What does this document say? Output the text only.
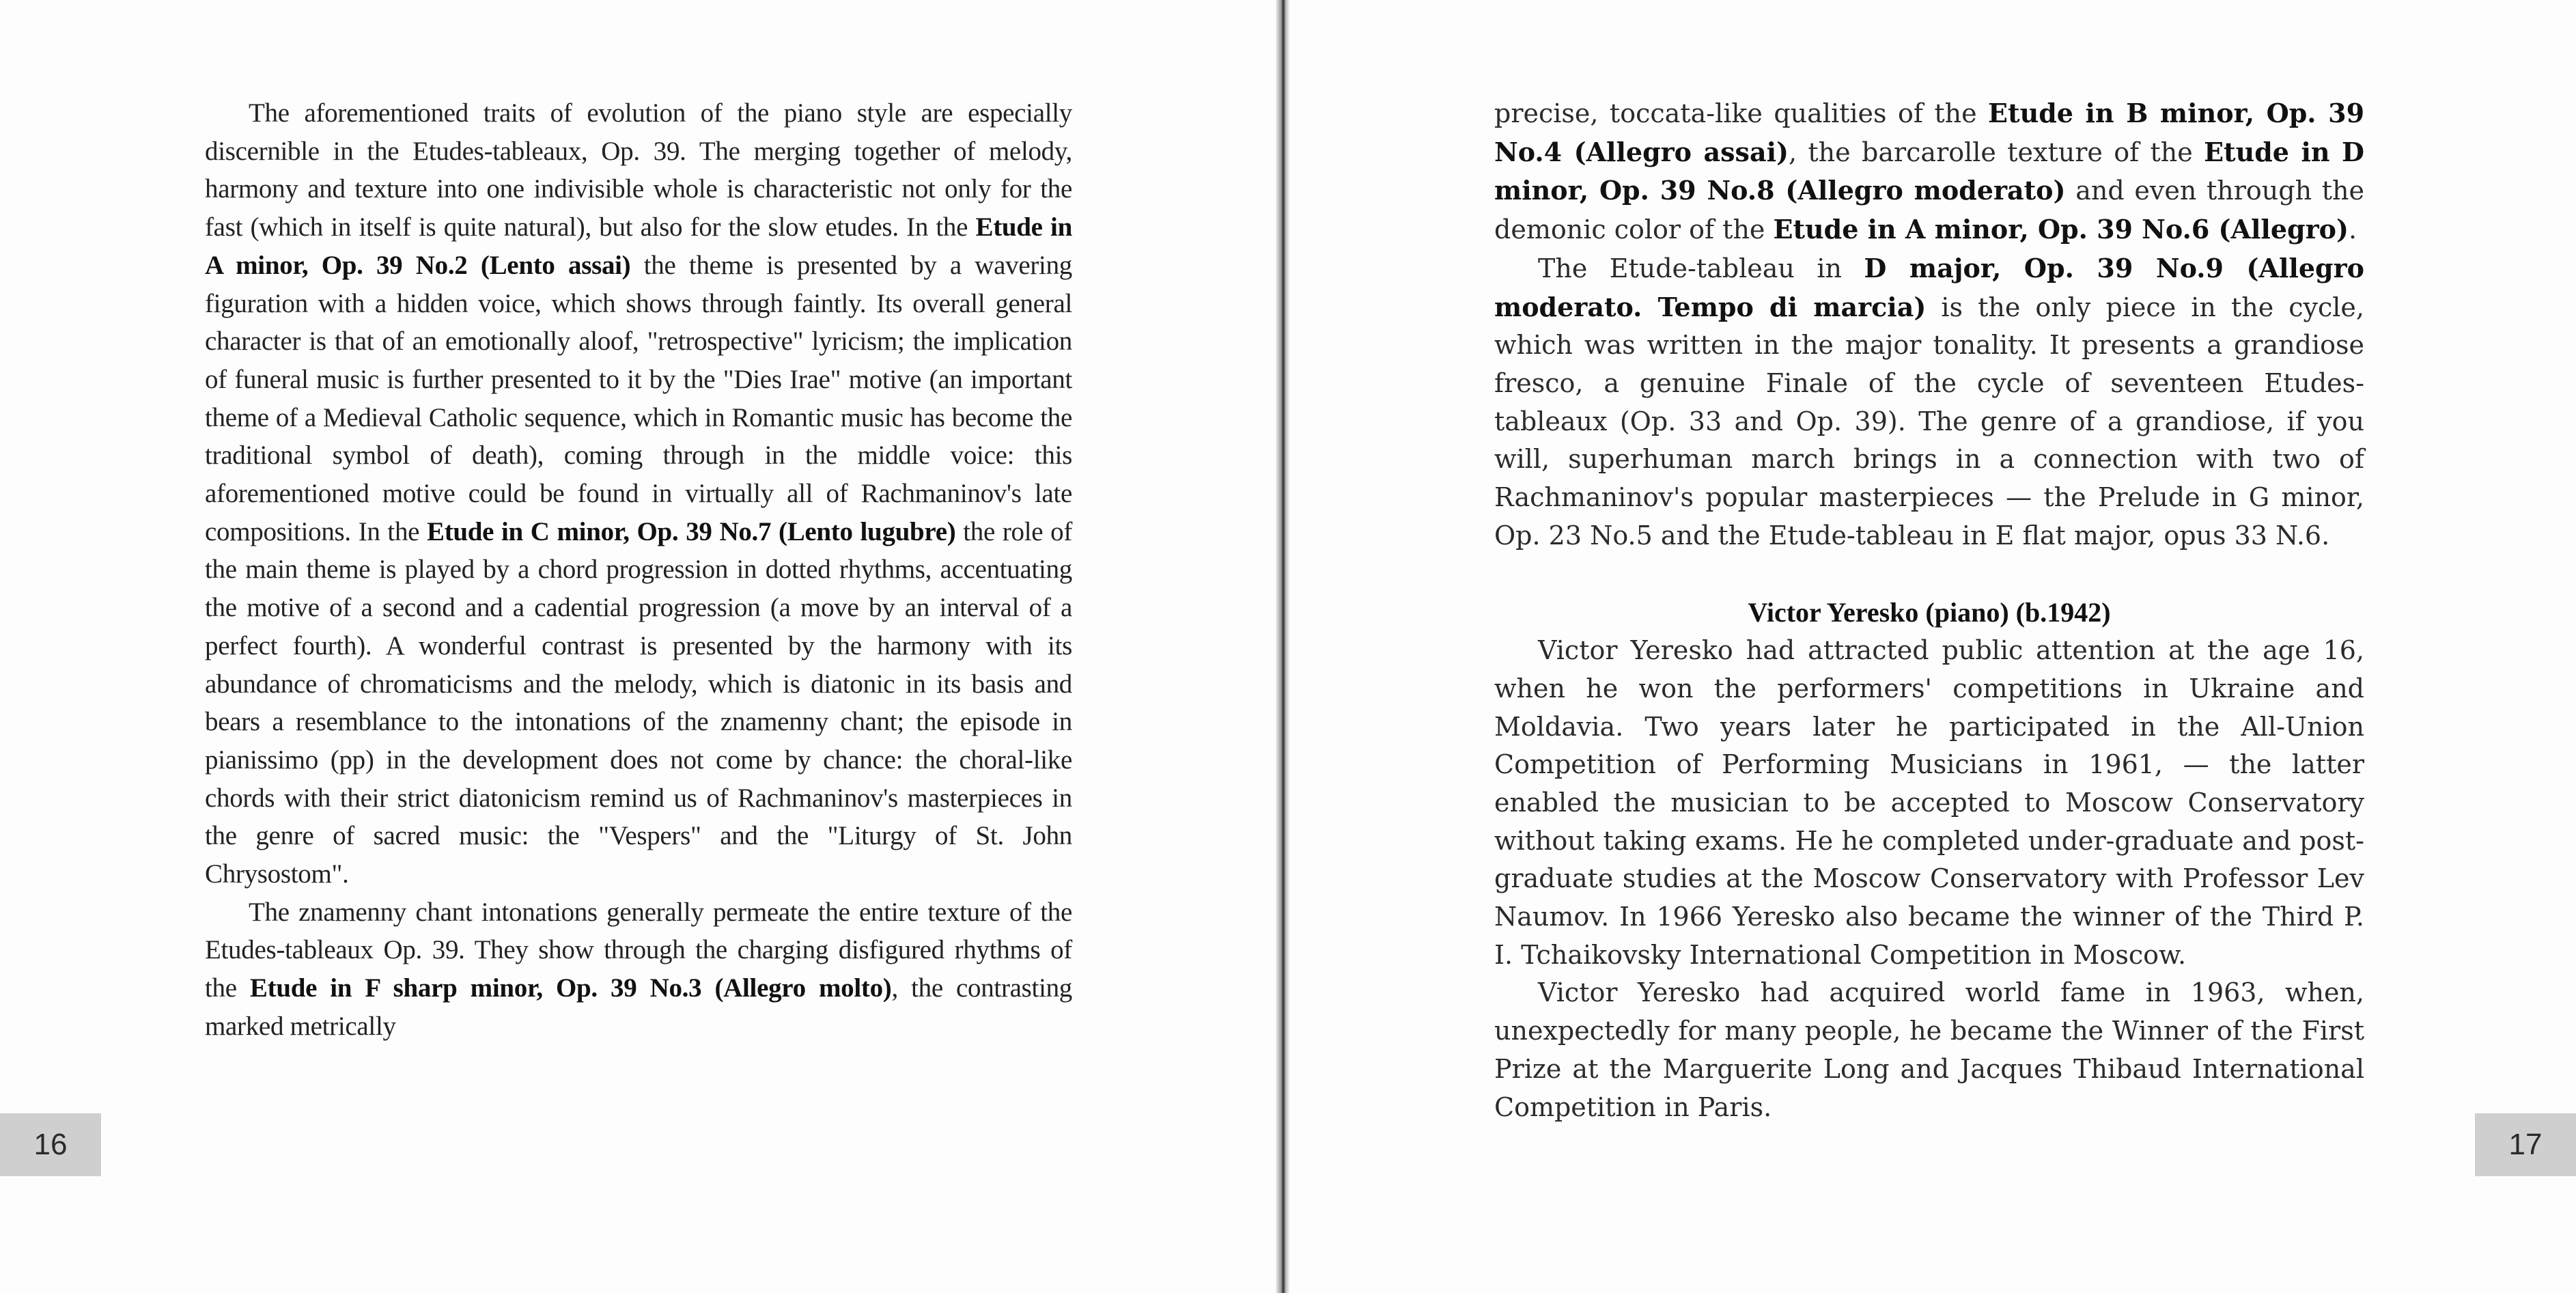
The aforementioned traits of evolution of the piano style are especially discernible in the Etudes-tableaux, Op. 39. The merging together of melody, harmony and texture into one indivisible whole is characteristic not only for the fast (which in itself is quite natural), but also for the slow etudes. In the Etude in A minor, Op. 39 No.2 (Lento assai) the theme is presented by a wavering figuration with a hidden voice, which shows through faintly. Its overall general character is that of an emotionally aloof, "retrospective" lyricism; the implication of funeral music is further presented to it by the "Dies Irae" motive (an important theme of a Medieval Catholic sequence, which in Romantic music has become the traditional symbol of death), coming through in the middle voice: this aforementioned motive could be found in virtually all of Rachmaninov's late compositions. In the Etude in C minor, Op. 39 No.7 (Lento lugubre) the role of the main theme is played by a chord progression in dotted rhythms, accentuating the motive of a second and a cadential progression (a move by an interval of a perfect fourth). A wonderful contrast is presented by the harmony with its abundance of chromaticisms and the melody, which is diatonic in its basis and bears a resemblance to the intonations of the znamenny chant; the episode in pianissimo (pp) in the development does not come by chance: the choral-like chords with their strict diatonicism remind us of Rachmaninov's masterpieces in the genre of sacred music: the "Vespers" and the "Liturgy of St. John Chrysostom".

The znamenny chant intonations generally permeate the entire texture of the Etudes-tableaux Op. 39. They show through the charging disfigured rhythms of the Etude in F sharp minor, Op. 39 No.3 (Allegro molto), the contrasting marked metrically

16

precise, toccata-like qualities of the Etude in B minor, Op. 39 No.4 (Allegro assai), the barcarolle texture of the Etude in D minor, Op. 39 No.8 (Allegro moderato) and even through the demonic color of the Etude in A minor, Op. 39 No.6 (Allegro).

The Etude-tableau in D major, Op. 39 No.9 (Allegro moderato. Tempo di marcia) is the only piece in the cycle, which was written in the major tonality. It presents a grandiose fresco, a genuine Finale of the cycle of seventeen Etudes-tableaux (Op. 33 and Op. 39). The genre of a grandiose, if you will, superhuman march brings in a connection with two of Rachmaninov's popular masterpieces — the Prelude in G minor, Op. 23 No.5 and the Etude-tableau in E flat major, opus 33 N.6.

Victor Yeresko (piano) (b.1942)

Victor Yeresko had attracted public attention at the age 16, when he won the performers' competitions in Ukraine and Moldavia. Two years later he participated in the All-Union Competition of Performing Musicians in 1961, — the latter enabled the musician to be accepted to Moscow Conservatory without taking exams. He he completed under-graduate and post-graduate studies at the Moscow Conservatory with Professor Lev Naumov. In 1966 Yeresko also became the winner of the Third P. I. Tchaikovsky International Competition in Moscow.

Victor Yeresko had acquired world fame in 1963, when, unexpectedly for many people, he became the Winner of the First Prize at the Marguerite Long and Jacques Thibaud International Competition in Paris.

17
